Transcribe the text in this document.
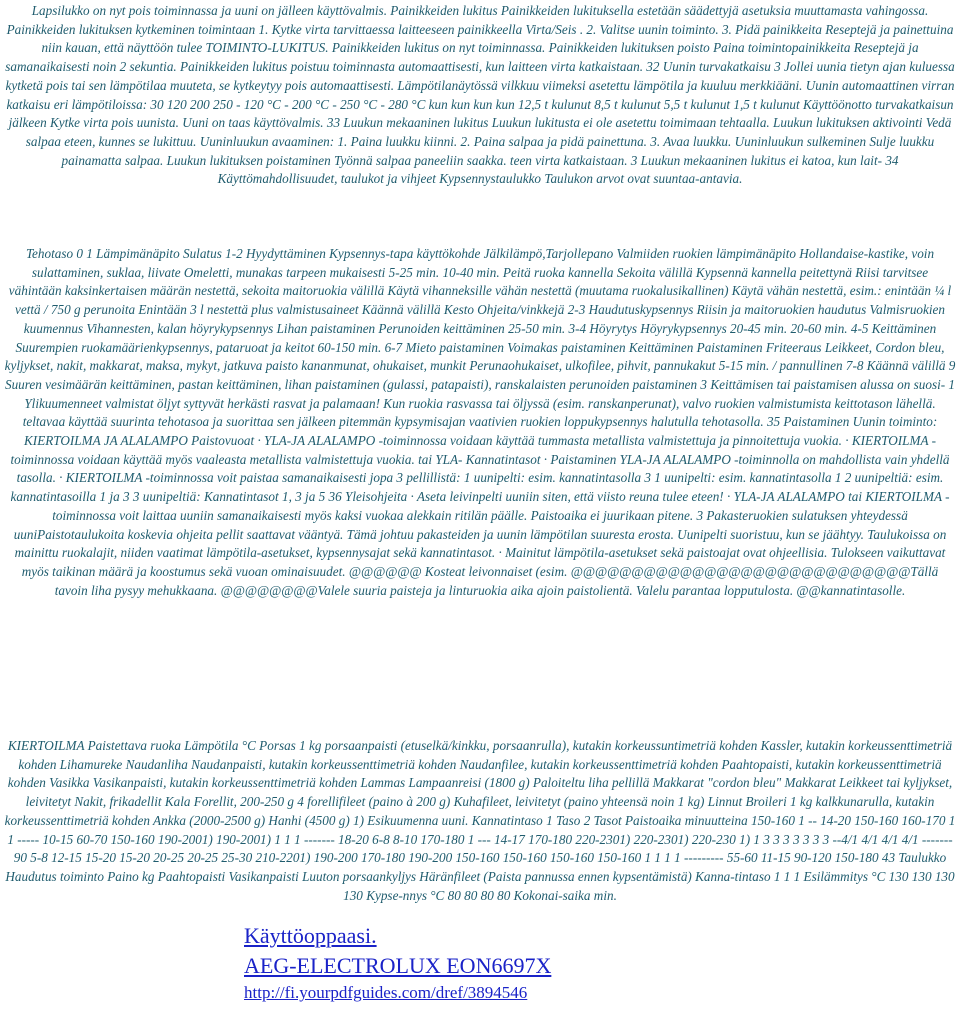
Lapsilukko on nyt pois toiminnassa ja uuni on jälleen käyttövalmis. Painikkeiden lukitus Painikkeiden lukituksella estetään säädettyjä asetuksia muuttamasta vahingossa. Painikkeiden lukituksen kytkeminen toimintaan 1. Kytke virta tarvittaessa laitteeseen painikkeella Virta/Seis . 2. Valitse uunin toiminto. 3. Pidä painikkeita Reseptejä ja painettuina niin kauan, että näyttöön tulee TOIMINTO-LUKITUS. Painikkeiden lukitus on nyt toiminnassa. Painikkeiden lukituksen poisto Paina toimintopainikkeita Reseptejä ja samanaikaisesti noin 2 sekuntia. Painikkeiden lukitus poistuu toiminnasta automaattisesti, kun laitteen virta katkaistaan. 32 Uunin turvakatkaisu 3 Jollei uunia tietyn ajan kuluessa kytketä pois tai sen lämpötilaa muuteta, se kytkeytyy pois automaattisesti. Lämpötilanäytössä vilkkuu viimeksi asetettu lämpötila ja kuuluu merkkiääni. Uunin automaattinen virran katkaisu eri lämpötiloissa: 30 120 200 250 - 120 °C - 200 °C - 250 °C - 280 °C kun kun kun kun 12,5 t kulunut 8,5 t kulunut 5,5 t kulunut 1,5 t kulunut Käyttöönotto turvakatkaisun jälkeen Kytke virta pois uunista. Uuni on taas käyttövalmis. 33 Luukun mekaaninen lukitus Luukun lukitusta ei ole asetettu toimimaan tehtaalla. Luukun lukituksen aktivointi Vedä salpaa eteen, kunnes se lukittuu. Uuninluukun avaaminen: 1. Paina luukku kiinni. 2. Paina salpaa ja pidä painettuna. 3. Avaa luukku. Uuninluukun sulkeminen Sulje luukku painamatta salpaa. Luukun lukituksen poistaminen Työnnä salpaa paneeliin saakka. teen virta katkaistaan. 3 Luukun mekaaninen lukitus ei katoa, kun lait- 34 Käyttömahdollisuudet, taulukot ja vihjeet Kypsennystaulukko Taulukon arvot ovat suuntaa-antavia.

Tehotaso 0 1 Lämpimänäpito Sulatus 1-2 Hyydyttäminen Kypsennys-tapa käyttökohde Jälkilämpö,Tarjollepano Valmiiden ruokien lämpimänäpito Hollandaise-kastike, voin sulattaminen, suklaa, liivate Omeletti, munakas tarpeen mukaisesti 5-25 min. 10-40 min. Peitä ruoka kannella Sekoita välillä Kypsennä kannella peitettynä Riisi tarvitsee vähintään kaksinkertaisen määrän nestettä, sekoita maitoruokia välillä Käytä vihanneksille vähän nestettä (muutama ruokalusikallinen) Käytä vähän nestettä, esim.: enintään ¼ l vettä / 750 g perunoita Enintään 3 l nestettä plus valmistusaineet Käännä välillä Kesto Ohjeita/vinkkejä 2-3 Haudutuskypsennys Riisin ja maitoruokien haudutus Valmisruokien kuumennus Vihannesten, kalan höyrykypsennys Lihan paistaminen Perunoiden keittäminen 25-50 min. 3-4 Höyrytys Höyrykypsennys 20-45 min. 20-60 min. 4-5 Keittäminen Suurempien ruokamäärienkypsennys, pataruoat ja keitot 60-150 min. 6-7 Mieto paistaminen Voimakas paistaminen Keittäminen Paistaminen Friteeraus Leikkeet, Cordon bleu, kyljykset, nakit, makkarat, maksa, mykyt, jatkuva paisto kananmunat, ohukaiset, munkit Perunaohukaiset, ulkofilee, pihvit, pannukakut 5-15 min. / pannullinen 7-8 Käännä välillä 9 Suuren vesimäärän keittäminen, pastan keittäminen, lihan paistaminen (gulassi, patapaisti), ranskalaisten perunoiden paistaminen 3 Keittämisen tai paistamisen alussa on suosi- 1 Ylikuumenneet valmistat öljyt syttyvät herkästi rasvat ja palamaan! Kun ruokia rasvassa tai öljyssä (esim. ranskanperunat), valvo ruokien valmistumista keittotason lähellä. teltavaa käyttää suurinta tehotasoa ja suorittaa sen jälkeen pitemmän kypsymisajan vaativien ruokien loppukypsennys halutulla tehotasolla. 35 Paistaminen Uunin toiminto: KIERTOILMA JA ALALAMPO Paistovuoat · YLA-JA ALALAMPO -toiminnossa voidaan käyttää tummasta metallista valmistettuja ja pinnoitettuja vuokia. · KIERTOILMA -toiminnossa voidaan käyttää myös vaaleasta metallista valmistettuja vuokia. tai YLA- Kannatintasot · Paistaminen YLA-JA ALALAMPO -toiminnolla on mahdollista vain yhdellä tasolla. · KIERTOILMA -toiminnossa voit paistaa samanaikaisesti jopa 3 pellillistä: 1 uunipelti: esim. kannatintasolla 3 1 uunipelti: esim. kannatintasolla 1 2 uunipeltiä: esim. kannatintasoilla 1 ja 3 3 uunipeltiä: Kannatintasot 1, 3 ja 5 36 Yleisohjeita · Aseta leivinpelti uuniin siten, että viisto reuna tulee eteen! · YLA-JA ALALAMPO tai KIERTOILMA -toiminnossa voit laittaa uuniin samanaikaisesti myös kaksi vuokaa alekkain ritilän päälle. Paistoaika ei juurikaan pitene. 3 Pakasteruokien sulatuksen yhteydessä uuniPaistotaulukoita koskevia ohjeita pellit saattavat vääntyä. Tämä johtuu pakasteiden ja uunin lämpötilan suuresta erosta. Uunipelti suoristuu, kun se jäähtyy. Taulukoissa on mainittu ruokalajit, niiden vaatimat lämpötila-asetukset, kypsennysajat sekä kannatintasot. · Mainitut lämpötila-asetukset sekä paistoajat ovat ohjeellisia. Tulokseen vaikuttavat myös taikinan määrä ja koostumus sekä vuoan ominaisuudet. @@@@@@ Kosteat leivonnaiset (esim. @@@@@@@@@@@@@@@@@@@@@@@@@@@@Tällä tavoin liha pysyy mehukkaana. @@@@@@@@Valele suuria paisteja ja linturuokia aika ajoin paistolientä. Valelu parantaa lopputulosta. @@kannatintasolle.

KIERTOILMA Paistettava ruoka Lämpötila °C Porsas 1 kg porsaanpaisti (etuselkä/kinkku, porsaanrulla), kutakin korkeussuntimetriä kohden Kassler, kutakin korkeussenttimetriä kohden Lihamureke Naudanliha Naudanpaisti, kutakin korkeussenttimetriä kohden Naudanfilee, kutakin korkeussenttimetriä kohden Paahtopaisti, kutakin korkeussenttimetriä kohden Vasikka Vasikanpaisti, kutakin korkeussenttimetriä kohden Lammas Lampaanreisi (1800 g) Paloiteltu liha pellillä Makkarat "cordon bleu" Makkarat Leikkeet tai kyljykset, leivitetyt Nakit, frikadellit Kala Forellit, 200-250 g 4 forellifileet (paino à 200 g) Kuhafileet, leivitetyt (paino yhteensä noin 1 kg) Linnut Broileri 1 kg kalkkunarulla, kutakin korkeussenttimetriä kohden Ankka (2000-2500 g) Hanhi (4500 g) 1) Esikuumenna uuni. Kannatintaso 1 Taso 2 Tasot Paistoaika minuutteina 150-160 1 -- 14-20 150-160 160-170 1 1 ----- 10-15 60-70 150-160 190-2001) 190-2001) 1 1 1 ------- 18-20 6-8 8-10 170-180 1 --- 14-17 170-180 220-2301) 220-2301) 220-230 1) 1 3 3 3 3 3 3 3 --4/1 4/1 4/1 4/1 ------- 90 5-8 12-15 15-20 15-20 20-25 20-25 25-30 210-2201) 190-200 170-180 190-200 150-160 150-160 150-160 150-160 1 1 1 1 --------- 55-60 11-15 90-120 150-180 43 Taulukko Haudutus toiminto Paino kg Paahtopaisti Vasikanpaisti Luuton porsaankyljys Häränfileet (Paista pannussa ennen kypsentämistä) Kanna-tintaso 1 1 1 Esilämmitys °C 130 130 130 130 Kypse-nnys °C 80 80 80 80 Kokonai-saika min.

Käyttöoppaasi.
AEG-ELECTROLUX EON6697X
http://fi.yourpdfguides.com/dref/3894546
